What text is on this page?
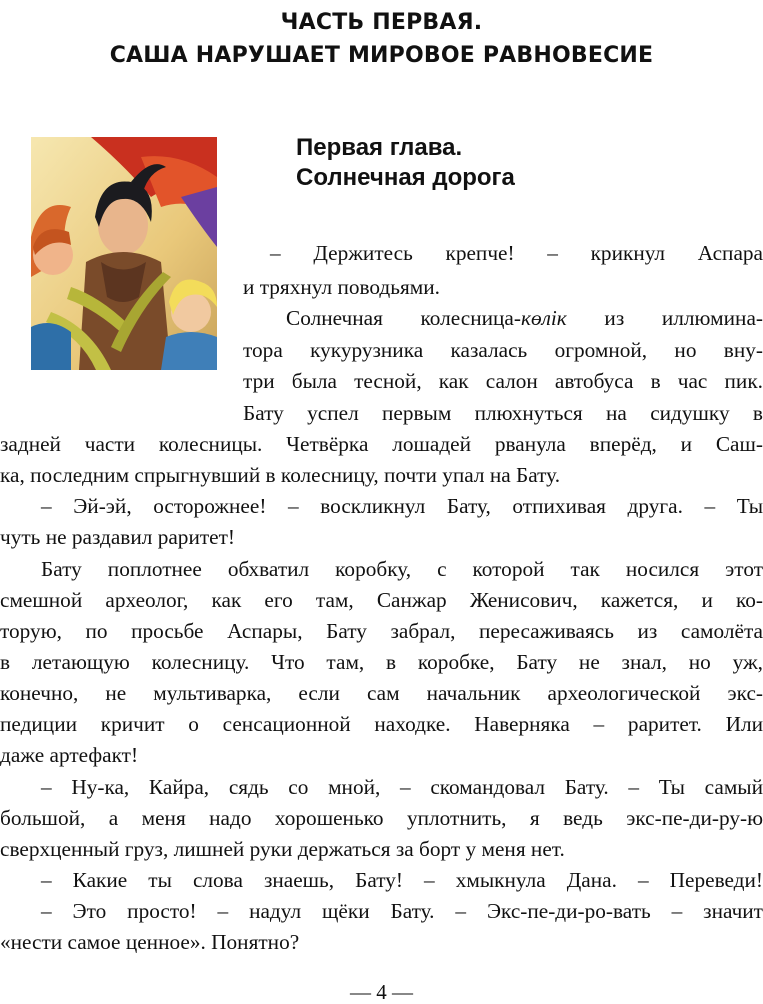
ЧАСТЬ ПЕРВАЯ.
САША НАРУШАЕТ МИРОВОЕ РАВНОВЕСИЕ
Первая глава.
Солнечная дорога
– Держитесь крепче! – крикнул Аспара
и тряхнул поводьями.
Солнечная колесница-көлік из иллюмина-
тора кукурузника казалась огромной, но вну-
три была тесной, как салон автобуса в час пик.
Бату успел первым плюхнуться на сидушку в
задней части колесницы. Четвёрка лошадей рванула вперёд, и Саш-
ка, последним спрыгнувший в колесницу, почти упал на Бату.
– Эй-эй, осторожнее! – воскликнул Бату, отпихивая друга. – Ты
чуть не раздавил раритет!
Бату поплотнее обхватил коробку, с которой так носился этот
смешной археолог, как его там, Санжар Женисович, кажется, и ко-
торую, по просьбе Аспары, Бату забрал, пересаживаясь из самолёта
в летающую колесницу. Что там, в коробке, Бату не знал, но уж,
конечно, не мультиварка, если сам начальник археологической экс-
педиции кричит о сенсационной находке. Наверняка – раритет. Или
даже артефакт!
– Ну-ка, Кайра, сядь со мной, – скомандовал Бату. – Ты самый
большой, а меня надо хорошенько уплотнить, я ведь экс-пе-ди-ру-ю
сверхценный груз, лишней руки держаться за борт у меня нет.
– Какие ты слова знаешь, Бату! – хмыкнула Дана. – Переведи!
– Это просто! – надул щёки Бату. – Экс-пе-ди-ро-вать – значит
«нести самое ценное». Понятно?
— 4 —
